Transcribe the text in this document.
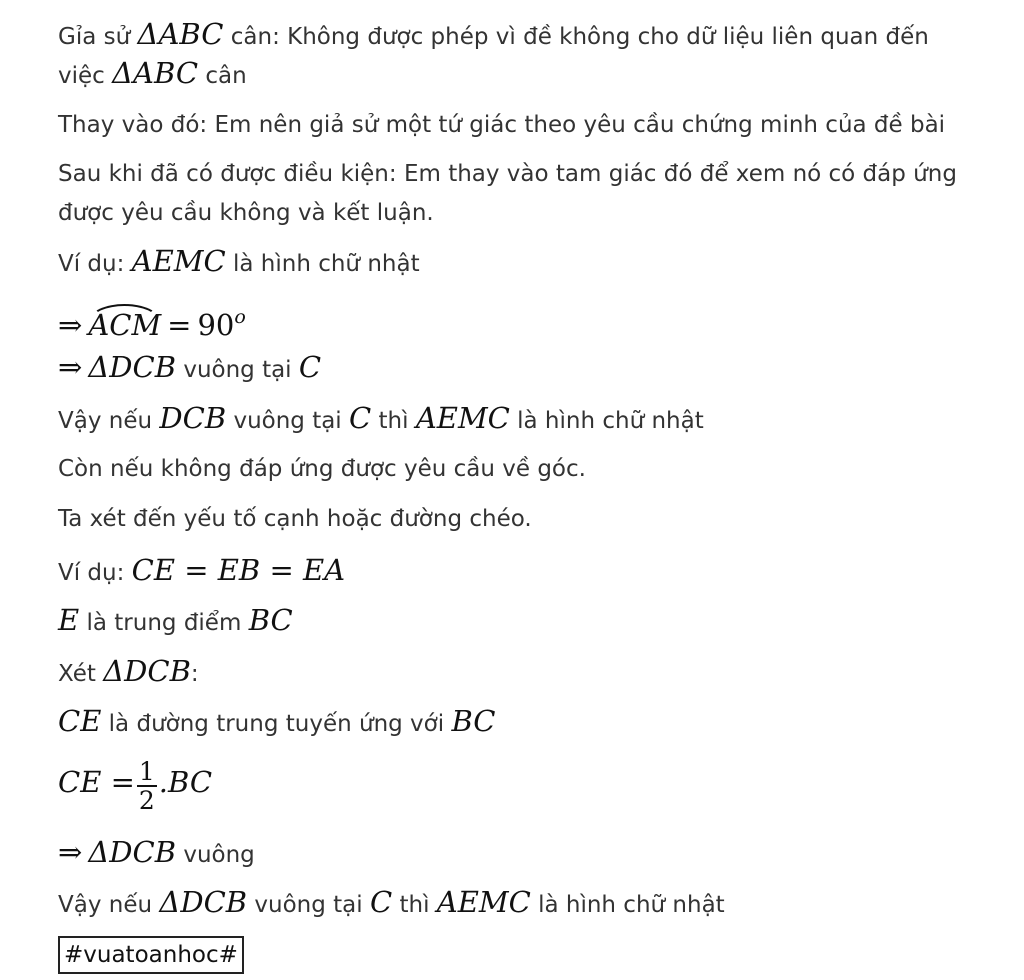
Gỉa sử ΔABC cân: Không được phép vì đề không cho dữ liệu liên quan đến
việc ΔABC cân
Thay vào đó: Em nên giả sử một tứ giác theo yêu cầu chứng minh của đề bài
Sau khi đã có được điều kiện: Em thay vào tam giác đó để xem nó có đáp ứng
được yêu cầu không và kết luận.
Ví dụ: AEMC là hình chữ nhật
⇒ ACM = $90^o$
⇒ ΔDCB vuông tại C
Vậy nếu DCB vuông tại C thì AEMC là hình chữ nhật
Còn nếu không đáp ứng được yêu cầu về góc.
Ta xét đến yếu tố cạnh hoặc đường chéo.
Ví dụ: CE = EB = EA
E là trung điểm BC
Xét ΔDCB:
CE là đường trung tuyến ứng với BC
CE = $\frac{1}{2} .BC$
⇒ ΔDCB vuông
Vậy nếu ΔDCB vuông tại C thì AEMC là hình chữ nhật
#vuatoanhoc#
